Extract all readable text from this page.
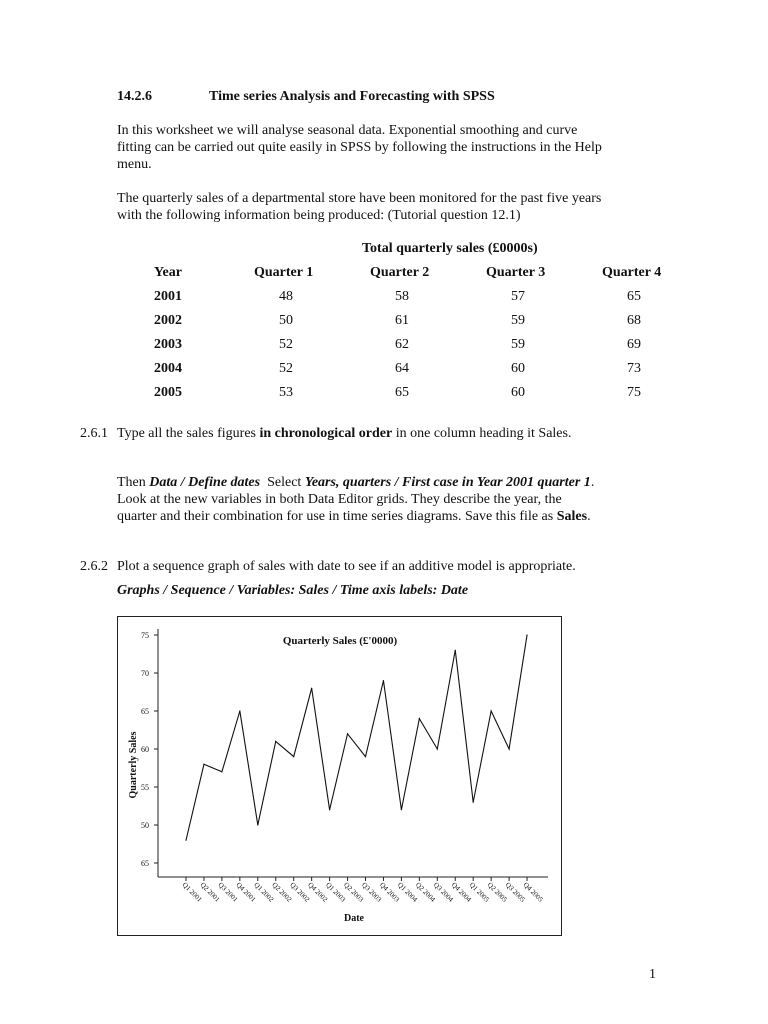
14.2.6	Time series Analysis and Forecasting with SPSS
In this worksheet we will analyse seasonal data. Exponential smoothing and curve
fitting can be carried out quite easily in SPSS by following the instructions in the Help
menu.
The quarterly sales of a departmental store have been monitored for the past five years
with the following information being produced: (Tutorial question 12.1)
Total quarterly sales (£0000s)
Year	Quarter 1	Quarter 2	Quarter 3	Quarter 4
2001	48	58	57	65
2002	50	61	59	68
2003	52	62	59	69
2004	52	64	60	73
2005	53	65	60	75
2.6.1 Type all the sales figures in chronological order in one column heading it Sales.
Then Data / Define dates  Select Years, quarters / First case in Year 2001 quarter 1.
Look at the new variables in both Data Editor grids. They describe the year, the
quarter and their combination for use in time series diagrams. Save this file as Sales.
2.6.2 Plot a sequence graph of sales with date to see if an additive model is appropriate.
Graphs / Sequence / Variables: Sales / Time axis labels: Date
Quarterly Sales (£'0000)
Quarterly Sales
Date
75
70
65
60
55
50
65
Q1 2001
Q2 2001
Q3 2001
Q4 2001
Q1 2002
Q2 2002
Q3 2002
Q4 2002
Q1 2003
Q2 2003
Q3 2003
Q4 2003
Q1 2004
Q2 2004
Q3 2004
Q4 2004
Q1 2005
Q2 2005
Q3 2005
Q4 2005
1
